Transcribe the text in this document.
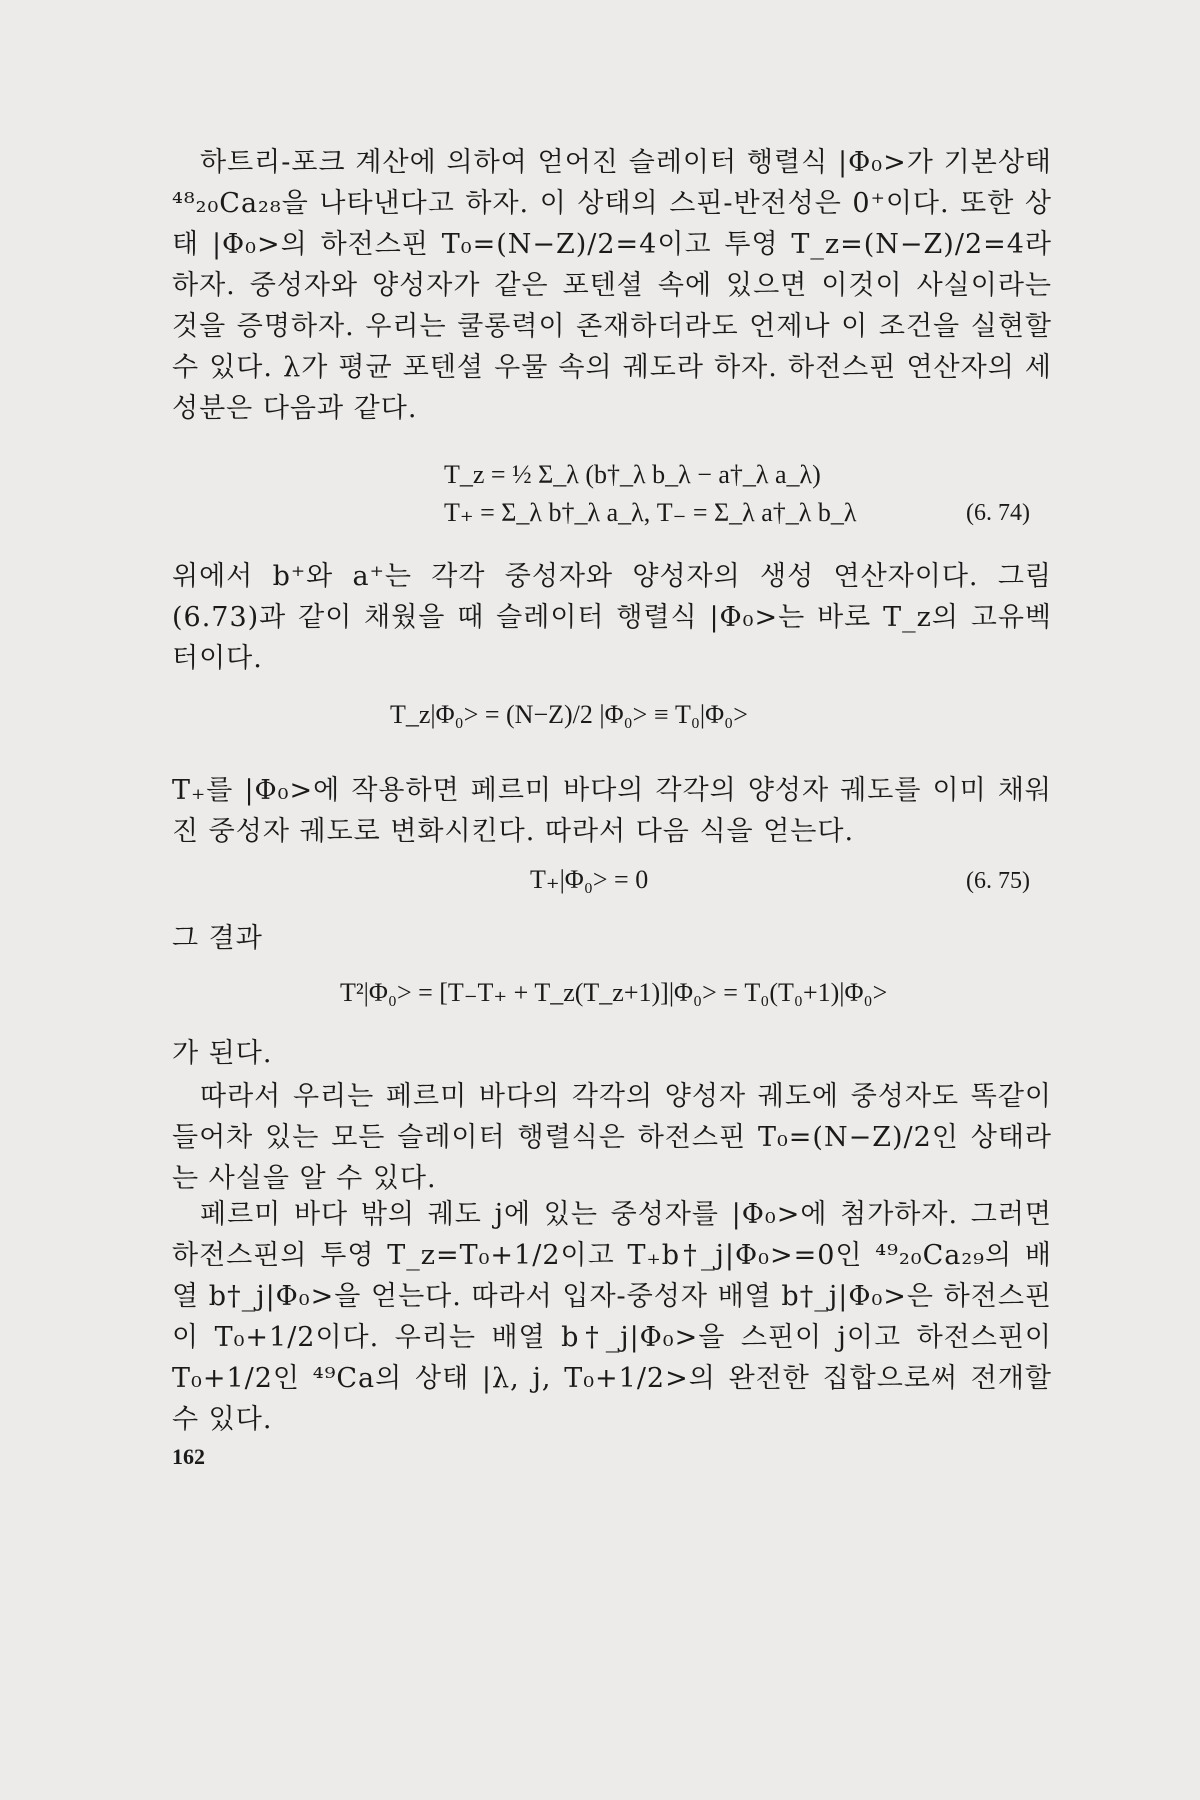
하트리-포크 계산에 의하여 얻어진 슬레이터 행렬식 |Φ₀>가 기본상태 ⁴⁸₂₀Ca₂₈을 나타낸다고 하자. 이 상태의 스핀-반전성은 0⁺이다. 또한 상태 |Φ₀>의 하전스핀 T₀=(N−Z)/2=4이고 투영 T_z=(N−Z)/2=4라 하자. 중성자와 양성자가 같은 포텐셜 속에 있으면 이것이 사실이라는 것을 증명하자. 우리는 쿨롱력이 존재하더라도 언제나 이 조건을 실현할 수 있다. λ가 평균 포텐셜 우물 속의 궤도라 하자. 하전스핀 연산자의 세 성분은 다음과 같다.

T_z = ½ Σ_λ (b†_λ b_λ − a†_λ a_λ)
T₊ = Σ_λ b†_λ a_λ, T₋ = Σ_λ a†_λ b_λ	(6. 74)

위에서 b⁺와 a⁺는 각각 중성자와 양성자의 생성 연산자이다. 그림 (6.73)과 같이 채웠을 때 슬레이터 행렬식 |Φ₀>는 바로 T_z의 고유벡터이다.

T_z|Φ₀> = (N−Z)/2 |Φ₀> ≡ T₀|Φ₀>

T₊를 |Φ₀>에 작용하면 페르미 바다의 각각의 양성자 궤도를 이미 채워진 중성자 궤도로 변화시킨다. 따라서 다음 식을 얻는다.

T₊|Φ₀> = 0	(6. 75)

그 결과

T²|Φ₀> = [T₋T₊ + T_z(T_z+1)]|Φ₀> = T₀(T₀+1)|Φ₀>

가 된다.

따라서 우리는 페르미 바다의 각각의 양성자 궤도에 중성자도 똑같이 들어차 있는 모든 슬레이터 행렬식은 하전스핀 T₀=(N−Z)/2인 상태라는 사실을 알 수 있다.

페르미 바다 밖의 궤도 j에 있는 중성자를 |Φ₀>에 첨가하자. 그러면 하전스핀의 투영 T_z=T₀+1/2이고 T₊b†_j|Φ₀>=0인 ⁴⁹₂₀Ca₂₉의 배열 b†_j|Φ₀>을 얻는다. 따라서 입자-중성자 배열 b†_j|Φ₀>은 하전스핀이 T₀+1/2이다. 우리는 배열 b†_j|Φ₀>을 스핀이 j이고 하전스핀이 T₀+1/2인 ⁴⁹Ca의 상태 |λ, j, T₀+1/2>의 완전한 집합으로써 전개할 수 있다.

162
